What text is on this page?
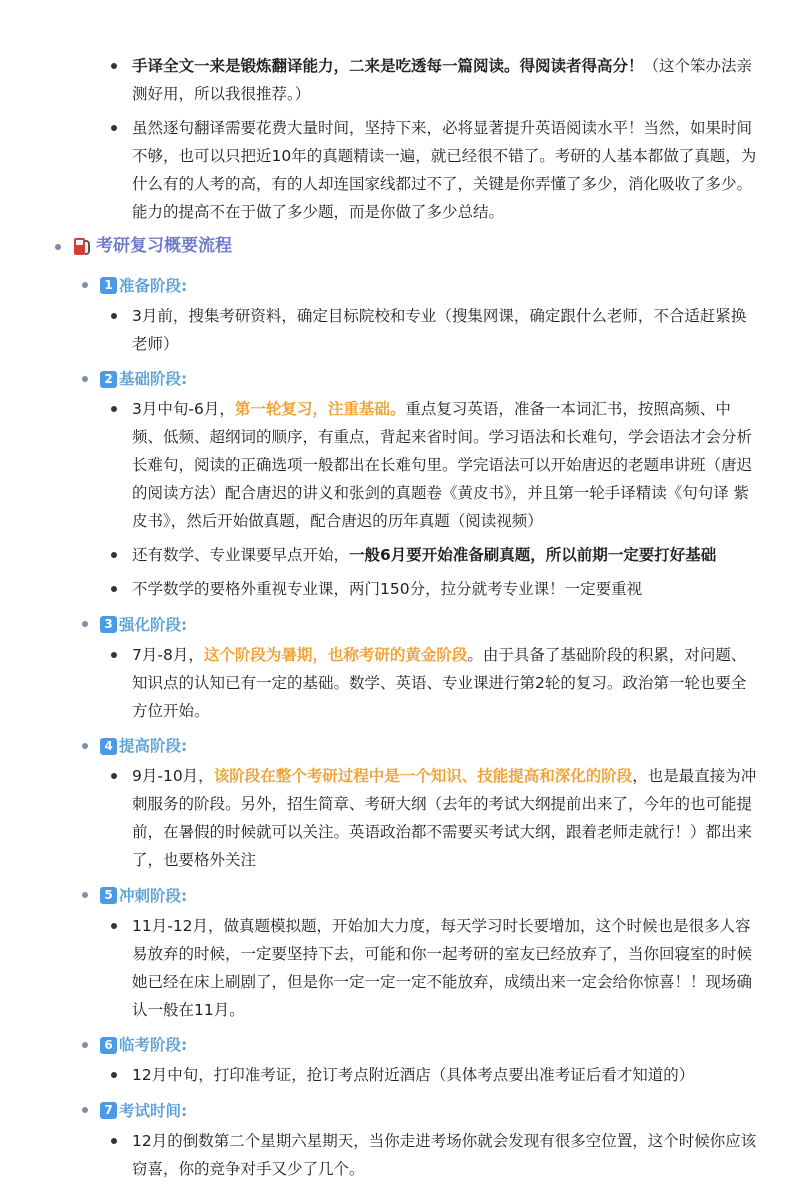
手译全文一来是锻炼翻译能力，二来是吃透每一篇阅读。得阅读者得高分！（这个笨办法亲测好用，所以我很推荐。）
虽然逐句翻译需要花费大量时间，坚持下来，必将显著提升英语阅读水平！当然，如果时间不够，也可以只把近10年的真题精读一遍，就已经很不错了。考研的人基本都做了真题，为什么有的人考的高，有的人却连国家线都过不了，关键是你弄懂了多少，消化吸收了多少。能力的提高不在于做了多少题，而是你做了多少总结。
考研复习概要流程
1 准备阶段:
3月前，搜集考研资料，确定目标院校和专业（搜集网课，确定跟什么老师，不合适赶紧换老师）
2 基础阶段:
3月中旬-6月，第一轮复习，注重基础。重点复习英语，准备一本词汇书，按照高频、中频、低频、超纲词的顺序，有重点，背起来省时间。学习语法和长难句，学会语法才会分析长难句，阅读的正确选项一般都出在长难句里。学完语法可以开始唐迟的老题串讲班（唐迟的阅读方法）配合唐迟的讲义和张剑的真题卷《黄皮书》，并且第一轮手译精读《句句译 紫皮书》，然后开始做真题，配合唐迟的历年真题（阅读视频）
还有数学、专业课要早点开始，一般6月要开始准备刷真题，所以前期一定要打好基础
不学数学的要格外重视专业课，两门150分，拉分就考专业课！一定要重视
3 强化阶段:
7月-8月，这个阶段为暑期，也称考研的黄金阶段。由于具备了基础阶段的积累，对问题、知识点的认知已有一定的基础。数学、英语、专业课进行第2轮的复习。政治第一轮也要全方位开始。
4 提高阶段:
9月-10月，该阶段在整个考研过程中是一个知识、技能提高和深化的阶段，也是最直接为冲刺服务的阶段。另外，招生简章、考研大纲（去年的考试大纲提前出来了，今年的也可能提前，在暑假的时候就可以关注。英语政治都不需要买考试大纲，跟着老师走就行！）都出来了，也要格外关注
5 冲刺阶段:
11月-12月，做真题模拟题，开始加大力度，每天学习时长要增加，这个时候也是很多人容易放弃的时候，一定要坚持下去，可能和你一起考研的室友已经放弃了，当你回寝室的时候她已经在床上刷剧了，但是你一定一定一定不能放弃，成绩出来一定会给你惊喜！！现场确认一般在11月。
6 临考阶段:
12月中旬，打印准考证，抢订考点附近酒店（具体考点要出准考证后看才知道的）
7 考试时间:
12月的倒数第二个星期六星期天，当你走进考场你就会发现有很多空位置，这个时候你应该窃喜，你的竞争对手又少了几个。
